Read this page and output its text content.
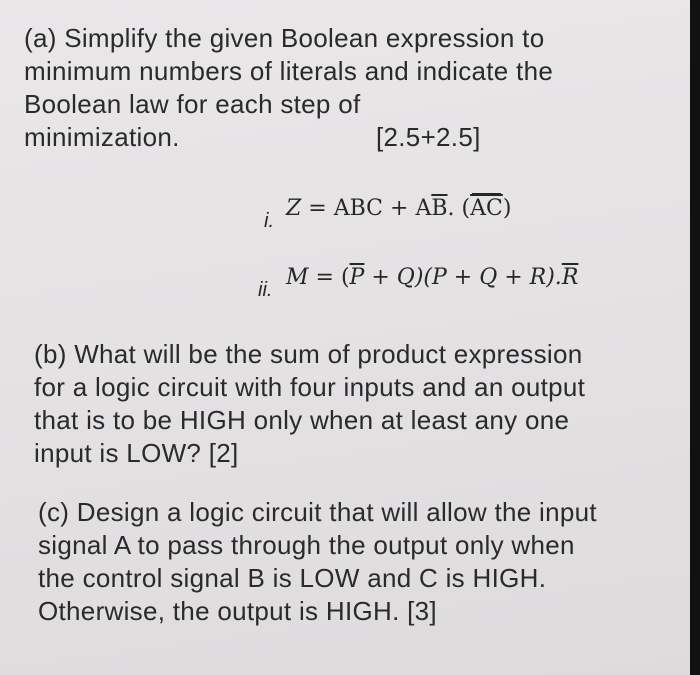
(a) Simplify the given Boolean expression to
minimum numbers of literals and indicate the
Boolean law for each step of
minimization.	[2.5+2.5]
i. Z = ABC + $A\overline{B}$. $(\overline{A}\overline{C})$
ii. $M = (\overline{P} + Q)(P + Q + R).\overline{R}$
(b) What will be the sum of product expression
for a logic circuit with four inputs and an output
that is to be HIGH only when at least any one
input is LOW? [2]
(c) Design a logic circuit that will allow the input
signal A to pass through the output only when
the control signal B is LOW and C is HIGH.
Otherwise, the output is HIGH. [3]
